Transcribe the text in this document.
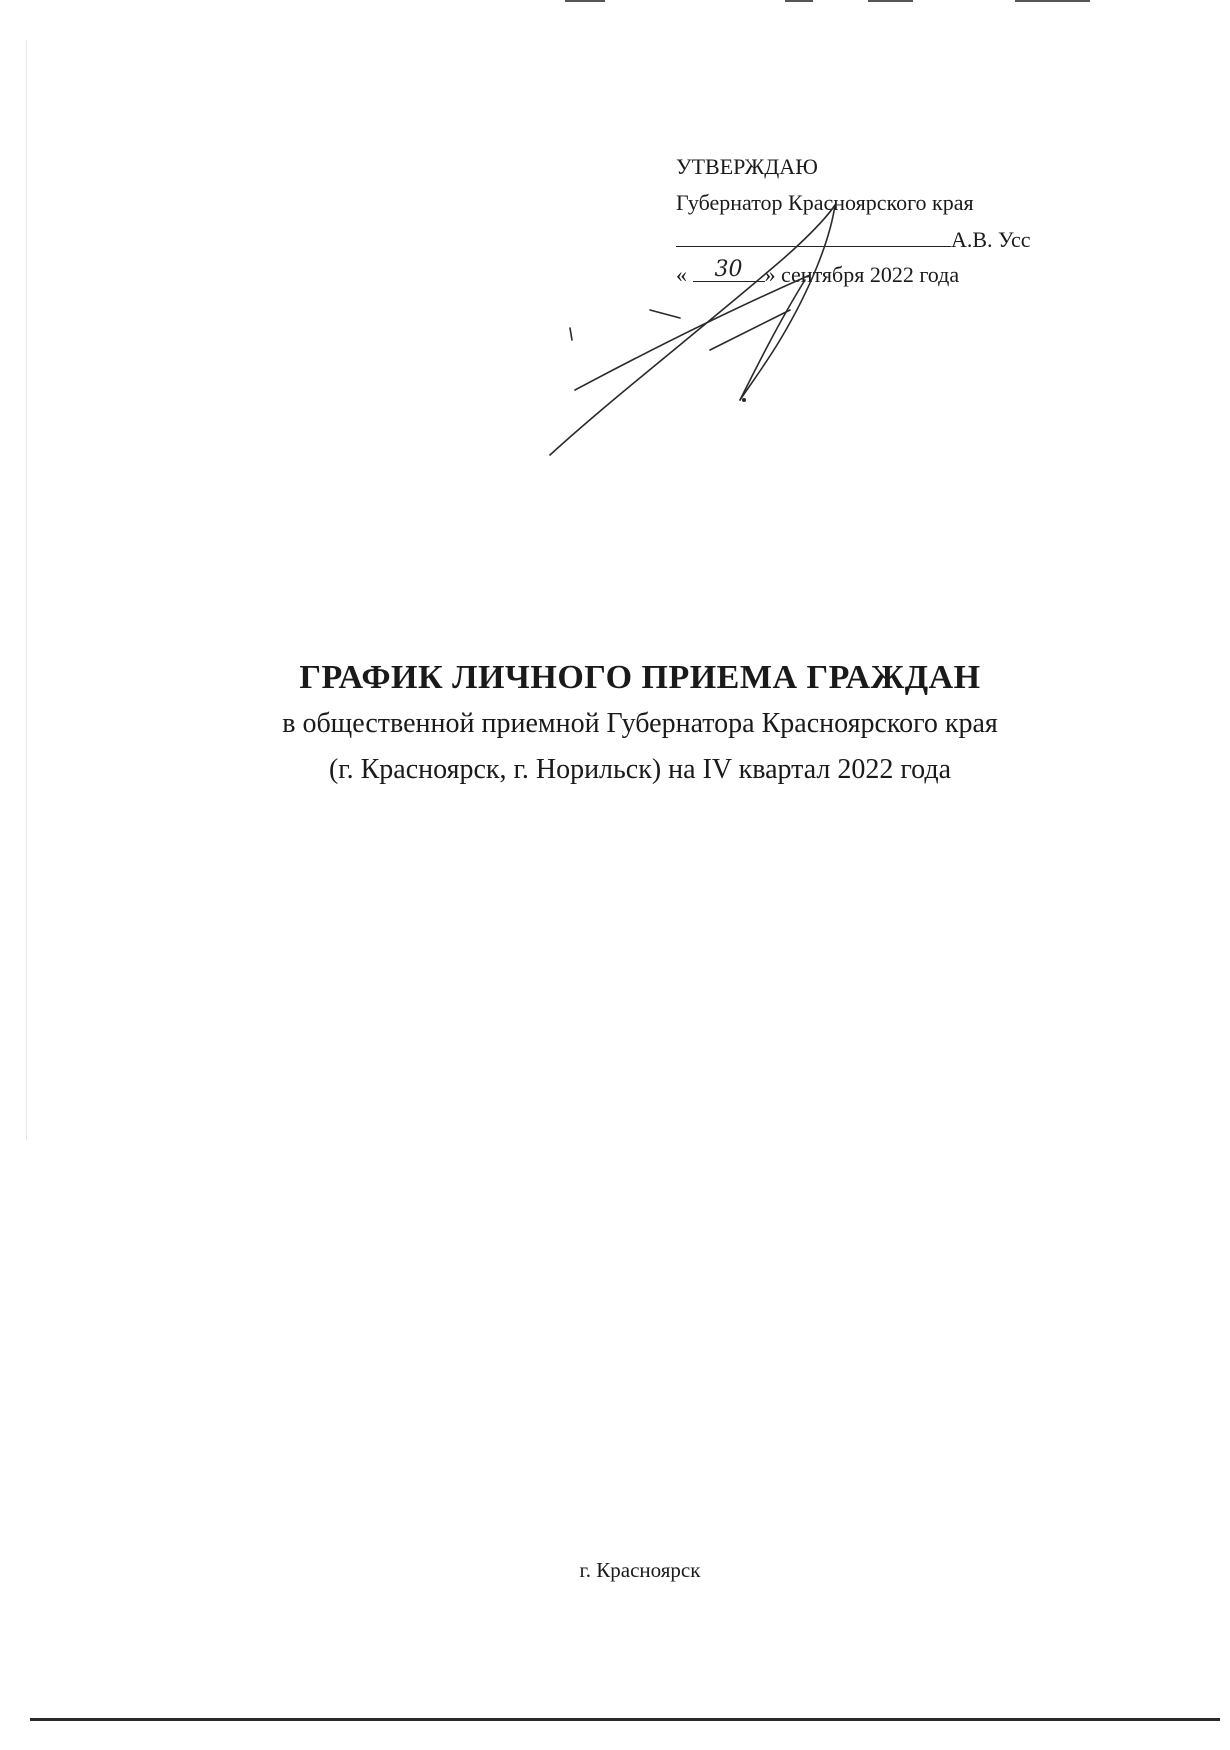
УТВЕРЖДАЮ
Губернатор Красноярского края
А.В. Усс
« 30 » сентября 2022 года
ГРАФИК ЛИЧНОГО ПРИЕМА ГРАЖДАН
в общественной приемной Губернатора Красноярского края
(г. Красноярск, г. Норильск) на IV квартал 2022 года
г. Красноярск
